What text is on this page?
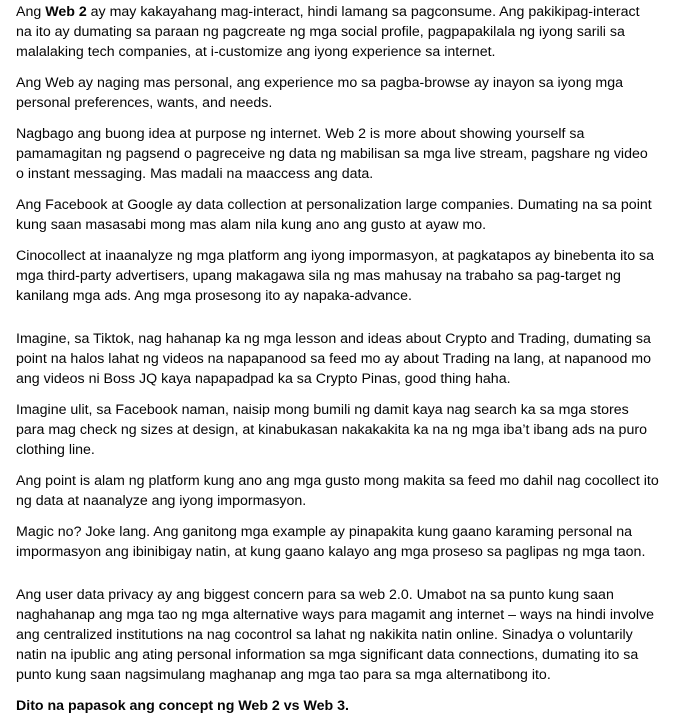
Ang Web 2 ay may kakayahang mag-interact, hindi lamang sa pagconsume. Ang pakikipag-interact na ito ay dumating sa paraan ng pagcreate ng mga social profile, pagpapakilala ng iyong sarili sa malalaking tech companies, at i-customize ang iyong experience sa internet.

Ang Web ay naging mas personal, ang experience mo sa pagba-browse ay inayon sa iyong mga personal preferences, wants, and needs.

Nagbago ang buong idea at purpose ng internet. Web 2 is more about showing yourself sa pamamagitan ng pagsend o pagreceive ng data ng mabilisan sa mga live stream, pagshare ng video o instant messaging. Mas madali na maaccess ang data.

Ang Facebook at Google ay data collection at personalization large companies. Dumating na sa point kung saan masasabi mong mas alam nila kung ano ang gusto at ayaw mo.

Cinocollect at inaanalyze ng mga platform ang iyong impormasyon, at pagkatapos ay binebenta ito sa mga third-party advertisers, upang makagawa sila ng mas mahusay na trabaho sa pag-target ng kanilang mga ads. Ang mga prosesong ito ay napaka-advance.

Imagine, sa Tiktok, nag hahanap ka ng mga lesson and ideas about Crypto and Trading, dumating sa point na halos lahat ng videos na napapanood sa feed mo ay about Trading na lang, at napanood mo ang videos ni Boss JQ kaya napapadpad ka sa Crypto Pinas, good thing haha.

Imagine ulit, sa Facebook naman, naisip mong bumili ng damit kaya nag search ka sa mga stores para mag check ng sizes at design, at kinabukasan nakakakita ka na ng mga iba’t ibang ads na puro clothing line.

Ang point is alam ng platform kung ano ang mga gusto mong makita sa feed mo dahil nag cocollect ito ng data at naanalyze ang iyong impormasyon.

Magic no? Joke lang. Ang ganitong mga example ay pinapakita kung gaano karaming personal na impormasyon ang ibinibigay natin, at kung gaano kalayo ang mga proseso sa paglipas ng mga taon.

Ang user data privacy ay ang biggest concern para sa web 2.0. Umabot na sa punto kung saan naghahanap ang mga tao ng mga alternative ways para magamit ang internet – ways na hindi involve ang centralized institutions na nag cocontrol sa lahat ng nakikita natin online. Sinadya o voluntarily natin na ipublic ang ating personal information sa mga significant data connections, dumating ito sa punto kung saan nagsimulang maghanap ang mga tao para sa mga alternatibong ito.

Dito na papasok ang concept ng Web 2 vs Web 3.
